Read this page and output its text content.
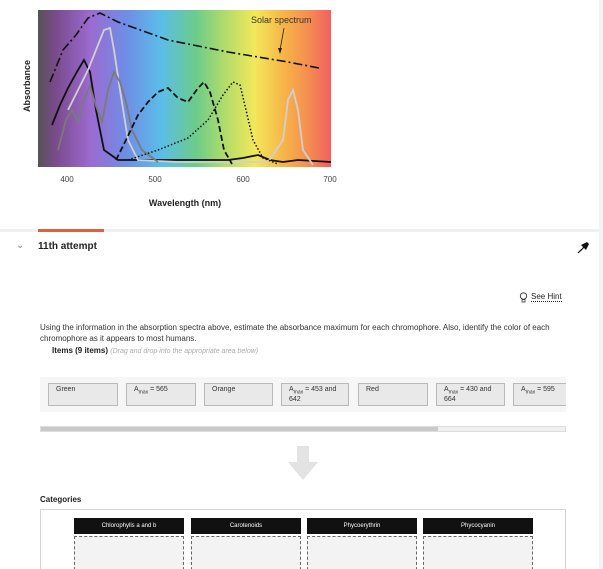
Absorbance
Solar spectrum
400	500	600	700
Wavelength (nm)
⌄ 11th attempt
See Hint

Using the information in the absorption spectra above, estimate the absorbance maximum for each chromophore. Also, identify the color of each chromophore as it appears to most humans.

Items (9 items) (Drag and drop into the appropriate area below)
Green	$A_{max} = 565$	Orange	$A_{max} = 453$ and 642
Red	$A_{max} = 430$ and 664
$A_{max} = 595$
Categories
Chlorophylls a and b	Carotenoids	Phycoerythrin	Phycocyanin
